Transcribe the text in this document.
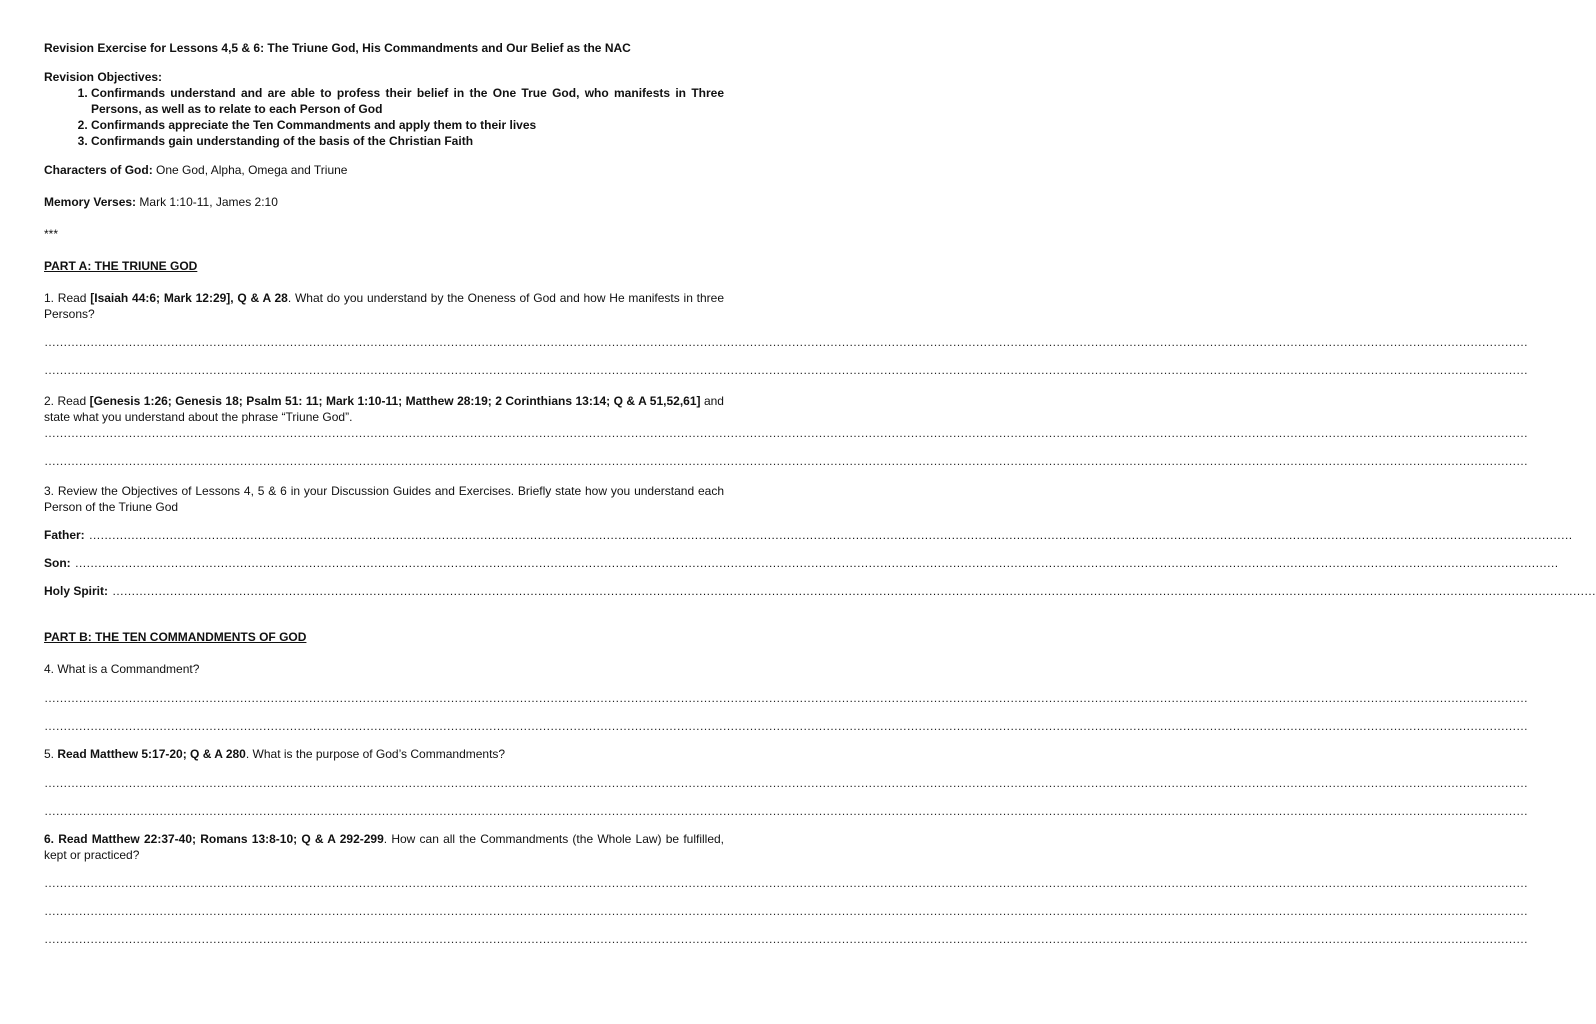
Revision Exercise for Lessons 4,5 & 6: The Triune God, His Commandments and Our Belief as the NAC

Revision Objectives:

1. Confirmands understand and are able to profess their belief in the One True God, who manifests in Three Persons, as well as to relate to each Person of God
2. Confirmands appreciate the Ten Commandments and apply them to their lives
3. Confirmands gain understanding of the basis of the Christian Faith

Characters of God: One God, Alpha, Omega and Triune

Memory Verses: Mark 1:10-11, James 2:10

***

PART A: THE TRIUNE GOD

1. Read [Isaiah 44:6; Mark 12:29], Q & A 28. What do you understand by the Oneness of God and how He manifests in three Persons?

………………………………………………………………………………………………………………………………………………………………………………………………………………………………………………………………………………………………………………………………………………………
………………………………………………………………………………………………………………………………………………………………………………………………………………………………………………………………………………………………………………………………………………………

2. Read [Genesis 1:26; Genesis 18; Psalm 51: 11; Mark 1:10-11; Matthew 28:19; 2 Corinthians 13:14; Q & A 51,52,61] and state what you understand about the phrase “Triune God”.

………………………………………………………………………………………………………………………………………………………………………………………………………………………………………………………………………………………………………………………………………………………
………………………………………………………………………………………………………………………………………………………………………………………………………………………………………………………………………………………………………………………………………………………

3. Review the Objectives of Lessons 4, 5 & 6 in your Discussion Guides and Exercises. Briefly state how you understand each Person of the Triune God

Father: ………………………………………………………………………………………………………………………………………………………………………………………………………………………………………………………………………………………………………………………………………………………
Son: ………………………………………………………………………………………………………………………………………………………………………………………………………………………………………………………………………………………………………………………………………………………
Holy Spirit: ………………………………………………………………………………………………………………………………………………………………………………………………………………………………………………………………………………………………………………………………………………………

PART B: THE TEN COMMANDMENTS OF GOD

4. What is a Commandment?

………………………………………………………………………………………………………………………………………………………………………………………………………………………………………………………………………………………………………………………………………………………
………………………………………………………………………………………………………………………………………………………………………………………………………………………………………………………………………………………………………………………………………………………

5. Read Matthew 5:17-20; Q & A 280. What is the purpose of God’s Commandments?

………………………………………………………………………………………………………………………………………………………………………………………………………………………………………………………………………………………………………………………………………………………
………………………………………………………………………………………………………………………………………………………………………………………………………………………………………………………………………………………………………………………………………………………

6. Read Matthew 22:37-40; Romans 13:8-10; Q & A 292-299. How can all the Commandments (the Whole Law) be fulfilled, kept or practiced?

………………………………………………………………………………………………………………………………………………………………………………………………………………………………………………………………………………………………………………………………………………………
………………………………………………………………………………………………………………………………………………………………………………………………………………………………………………………………………………………………………………………………………………………
………………………………………………………………………………………………………………………………………………………………………………………………………………………………………………………………………………………………………………………………………………………
